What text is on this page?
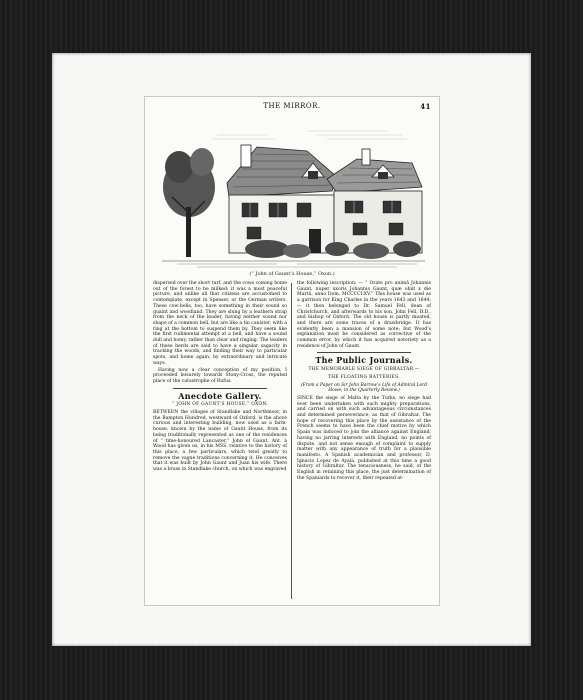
THE MIRROR.	41
(“ John of Gaunt’s House,” Oxon.)

dispersed over the short turf, and the cows coming home out of the forest to be milked: it was a most peaceful picture, and unlike all that citizens are accustomed to contemplate, except in Spenser, or the German writers. These cow-bells, too, have something in their sound so quaint and woodland. They are slung by a leathern strap from the neck of the leader, having neither sound nor shape of a common bell, but are like a tin canister, with a ring at the bottom to suspend them by. They seem like the first rudimental attempt at a bell, and have a sound dull and homy, rather than clear and ringing. The leaders of these herds are said to have a singular sagacity in tracking the woods, and finding their way to particular spots, and home again, by extraordinary and intricate ways.

Having now a clear conception of my position, I proceeded leisurely towards Stony-Cross, the reputed place of the catastrophe of Rufus.

Anecdote Gallery.
“ JOHN OF GAUNT’S HOUSE,” OXON.

BETWEEN the villages of Standlake and Northmoor, in the Bampton Hundred, westward of Oxford, is the above curious and interesting building, now used as a farm-house, known by the name of Gaunt House, from its being traditionally represented as one of the residences of “ time-honoured Lancaster,” John of Gaunt. Ant. à Wood has given us, in his MSS. relative to the history of this place, a few particulars, which tend greatly to remove the vague traditions concerning it. He conceives that it was built by John Gaunt and Juan his wife. There was a brass in Standlake church, on which was engraved

the following inscription: — “ Orate pro animâ Johannis Gaunt, nuper uxoris Johannis Gaunt, quæ obiit x die Martii, anno Dom. MCCCCLXV.” This house was used as a garrison for King Charles in the years 1643 and 1644; — it then belonged to Dr. Samuel Fell, dean of Christchurch, and afterwards to his son, John Fell, D.D., and bishop of Oxford. The old house is partly moated, and there are some traces of a drawbridge. It has evidently been a mansion of some note; but Wood’s explanation must be considered as corrective of the common error, by which it has acquired notoriety as a residence of John of Gaunt.

The Public Journals.
THE MEMORABLE SIEGE OF GIBRALTAR.—
THE FLOATING BATTERIES.
(From a Paper on Sir John Barrow’s Life of Admiral Lord Howe; in the Quarterly Review.)

SINCE the siege of Malta by the Turks, no siege had ever been undertaken with such mighty preparations, and carried on with such advantageous circumstances and determined perseverance, as that of Gibraltar. The hope of recovering this place by the assistance of the French seems to have been the chief motive by which Spain was induced to join the alliance against England, having no jarring interests with England, no points of dispute, and not sense enough of complaint to supply matter with any appearance of truth for a plausible manifesto. A Spanish academician and professor, D. Ignacio Lopez de Ayala, published at this time a good history of Gibraltar. The tenaciousness, he said, of the English in retaining this place, the just determination of the Spaniards to recover it, their repeated at-
